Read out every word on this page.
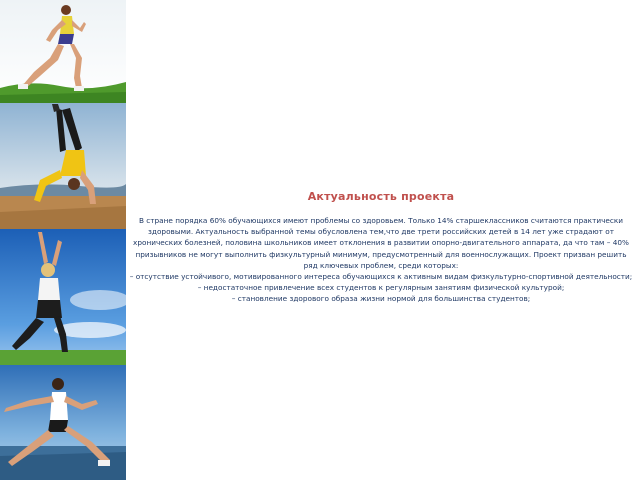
Актуальность проекта

В стране порядка 60% обучающихся имеют проблемы со здоровьем. Только 14% старшеклассников считаются практически здоровыми. Актуальность выбранной темы обусловлена тем,что две трети российских детей в 14 лет уже страдают от хронических болезней, половина школьников имеет отклонения в развитии опорно-двигательного аппарата, да что там – 40% призывников не могут выполнить физкультурный минимум, предусмотренный для военнослужащих. Проект призван решить ряд ключевых проблем, среди которых:

– отсутствие устойчивого, мотивированного интереса обучающихся к активным видам физкультурно-спортивной деятельности;

– недостаточное привлечение всех студентов к регулярным занятиям физической культурой;

– становление здорового образа жизни нормой для большинства студентов;
